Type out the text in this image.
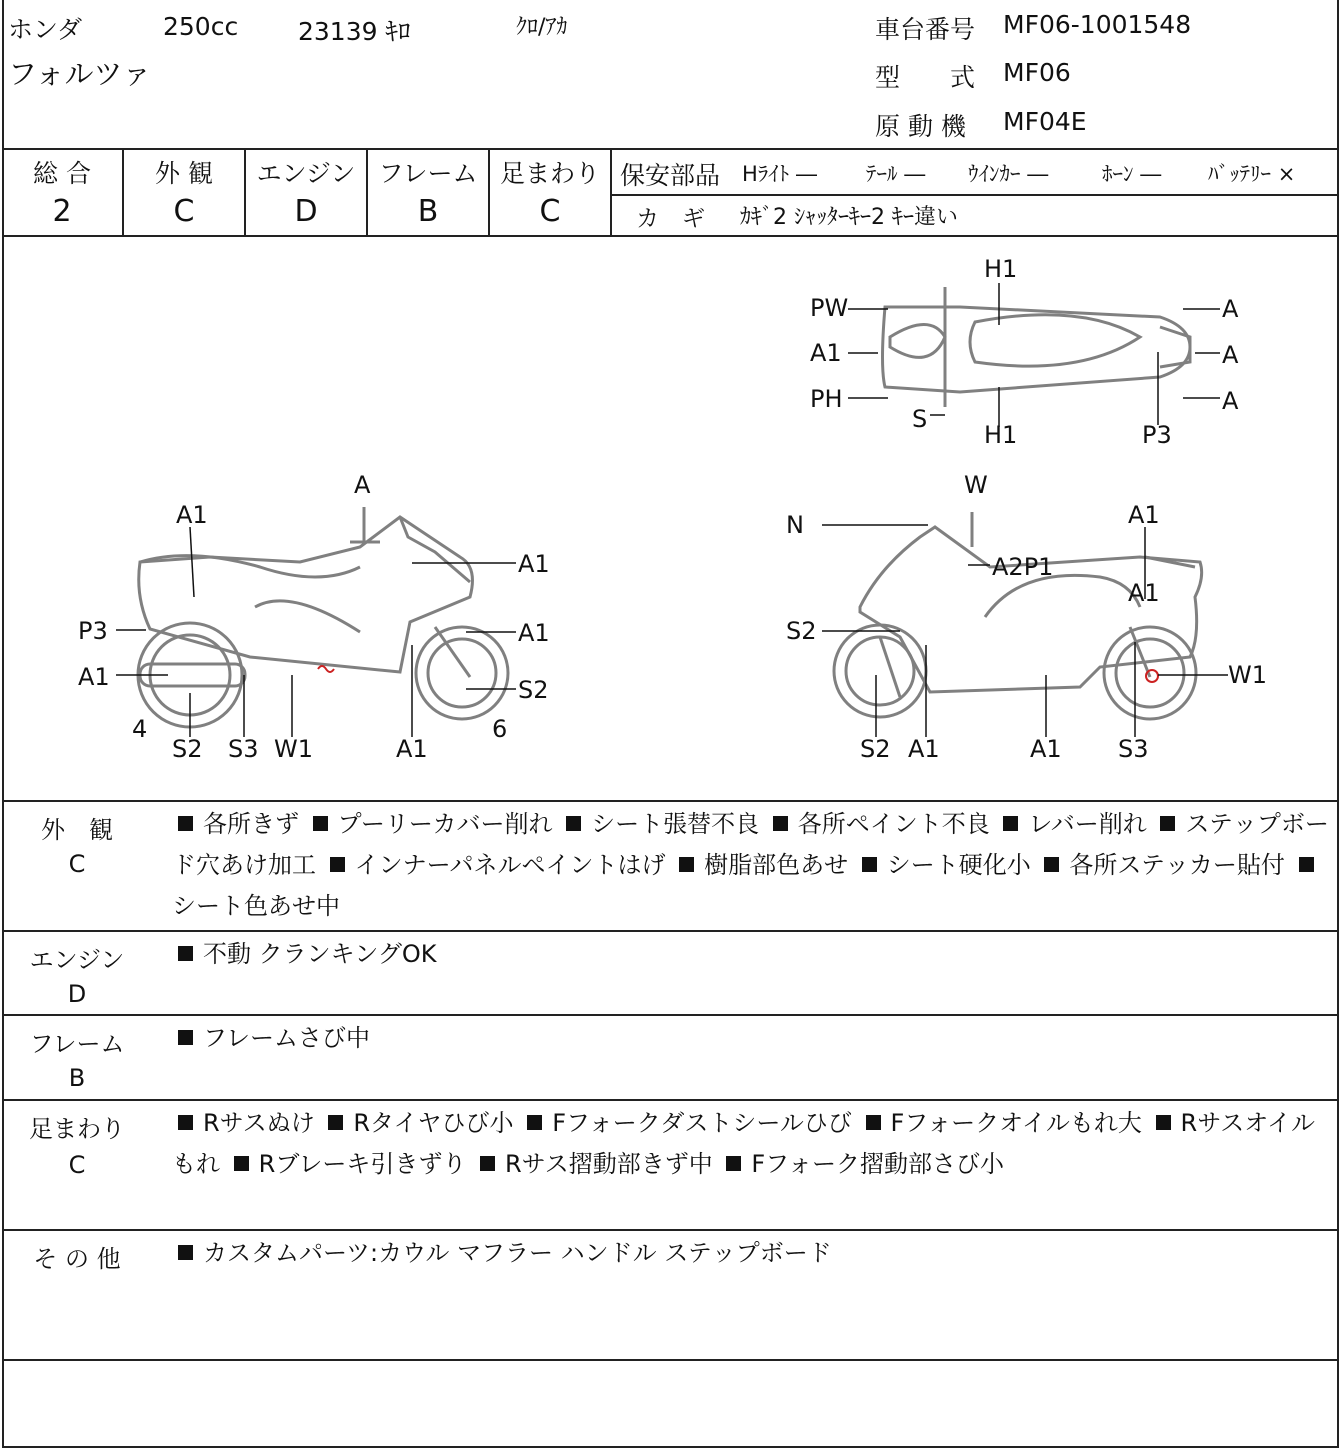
ホンダ	250cc 23139 ｷﾛ	ｸﾛ/ｱｶ
フォルツァ
車台番号 MF06-1001548
型　　式 MF06
原 動 機 MF04E
総 合
2
外 観
C
エンジン
D
フレーム
B
足まわり
C
保安部品 Hﾗｲﾄ ― ﾃｰﾙ ― ｳｲﾝｶｰ ―	ﾎｰﾝ ― ﾊﾞｯﾃﾘｰ ×
カ　ギ ｶｷﾞ2 ｼｬｯﾀｰｷｰ2 ｷｰ違い
H1
PW
A1
PH
S
H1
A
A
A
P3
A
A1
A1
P3	A1
A1
4
S2 S3 W1	A1
S2
6
W
N	A1
A2P1
A1
S2
W1
S2 A1	A1 S3
外　観
C
各所きず プーリーカバー削れ シート張替不良 各所ペイント不良 レバー削れ ステップボード穴あけ加工 インナーパネルペイントはげ 樹脂部色あせ シート硬化小 各所ステッカー貼付 シート色あせ中
エンジン
D
不動 クランキングOK
フレーム
B
フレームさび中
足まわり
C
Rサスぬけ Rタイヤひび小 Fフォークダストシールひび Fフォークオイルもれ大 Rサスオイルもれ Rブレーキ引きずり Rサス摺動部きず中 Fフォーク摺動部さび小
そ の 他	カスタムパーツ:カウル マフラー ハンドル ステップボード
